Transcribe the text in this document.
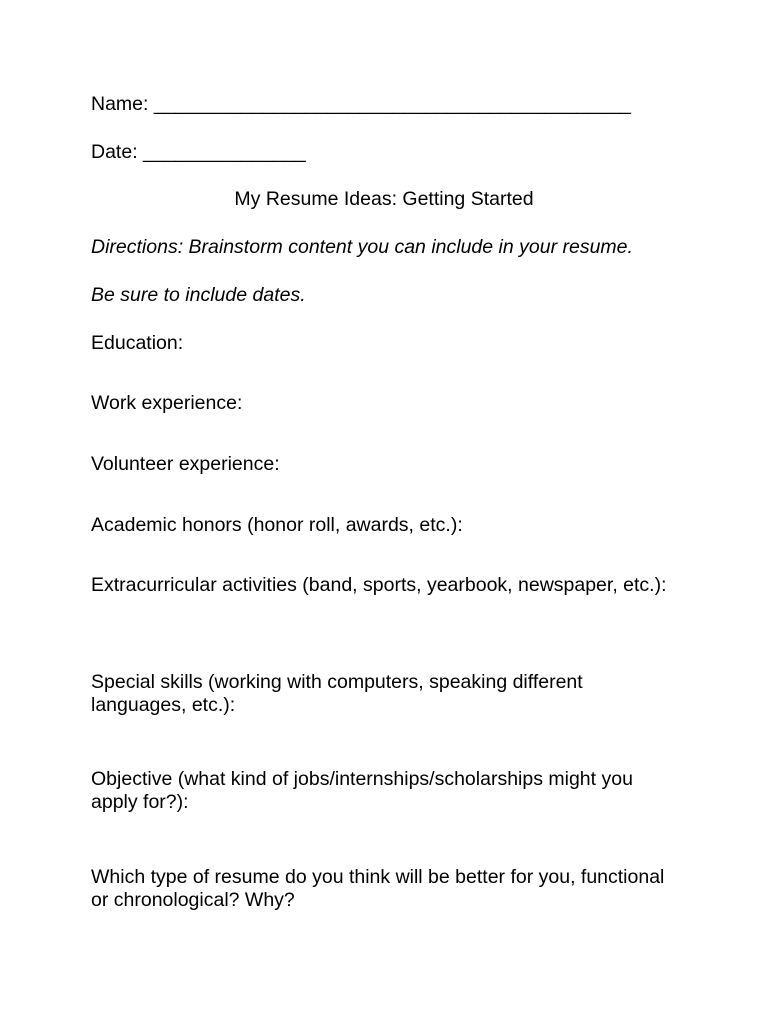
Name: ____________________________________________
Date: _______________
My Resume Ideas: Getting Started
Directions: Brainstorm content you can include in your resume.
Be sure to include dates.
Education:
Work experience:
Volunteer experience:
Academic honors (honor roll, awards, etc.):
Extracurricular activities (band, sports, yearbook, newspaper, etc.):
Special skills (working with computers, speaking different languages, etc.):
Objective (what kind of jobs/internships/scholarships might you apply for?):
Which type of resume do you think will be better for you, functional or chronological? Why?
